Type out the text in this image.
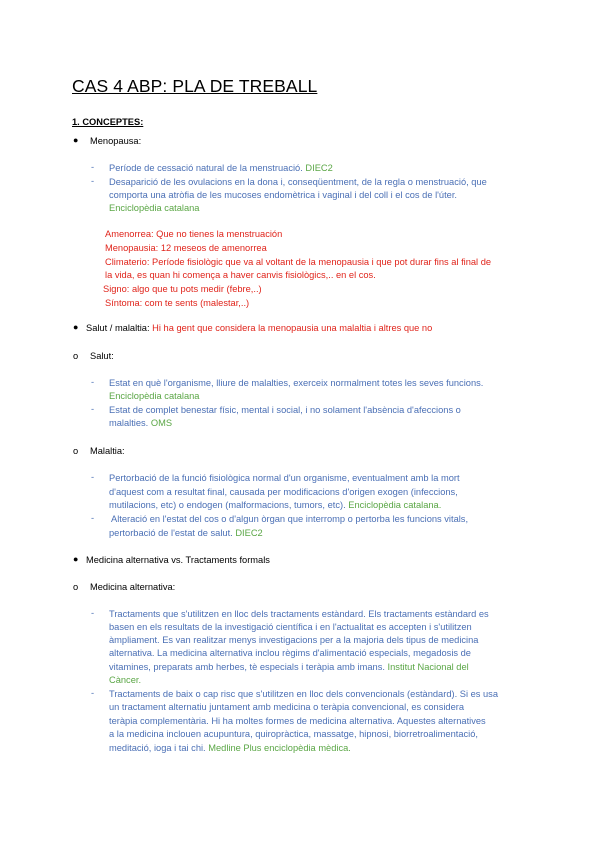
CAS 4 ABP: PLA DE TREBALL
1. CONCEPTES:
● Menopausa:
- Període de cessació natural de la menstruació. DIEC2
- Desaparició de les ovulacions en la dona i, conseqüentment, de la regla o menstruació, que
comporta una atròfia de les mucoses endomètrica i vaginal i del coll i el cos de l'úter.
Enciclopèdia catalana
Amenorrea: Que no tienes la menstruación
Menopausia: 12 meseos de amenorrea
Climaterio: Període fisiològic que va al voltant de la menopausia i que pot durar fins al final de
la vida, es quan hi comença a haver canvis fisiològics,.. en el cos.
Signo: algo que tu pots medir (febre,..)
Síntoma: com te sents (malestar,..)
● Salut / malaltia: Hi ha gent que considera la menopausia una malaltia i altres que no
o Salut:
- Estat en què l'organisme, lliure de malalties, exerceix normalment totes les seves funcions.
Enciclopèdia catalana
- Estat de complet benestar físic, mental i social, i no solament l'absència d'afeccions o
malalties. OMS
o Malaltia:
- Pertorbació de la funció fisiològica normal d'un organisme, eventualment amb la mort
d'aquest com a resultat final, causada per modificacions d'origen exogen (infeccions,
mutilacions, etc) o endogen (malformacions, tumors, etc). Enciclopèdia catalana.
- Alteració en l'estat del cos o d'algun òrgan que interromp o pertorba les funcions vitals,
pertorbació de l'estat de salut. DIEC2
● Medicina alternativa vs. Tractaments formals
o Medicina alternativa:
- Tractaments que s'utilitzen en lloc dels tractaments estàndard. Els tractaments estàndard es
basen en els resultats de la investigació científica i en l'actualitat es accepten i s'utilitzen
àmpliament. Es van realitzar menys investigacions per a la majoria dels tipus de medicina
alternativa. La medicina alternativa inclou règims d'alimentació especials, megadosis de
vitamines, preparats amb herbes, tè especials i teràpia amb imans. Institut Nacional del
Càncer.
- Tractaments de baix o cap risc que s'utilitzen en lloc dels convencionals (estàndard). Si es usa
un tractament alternatiu juntament amb medicina o teràpia convencional, es considera
teràpia complementària. Hi ha moltes formes de medicina alternativa. Aquestes alternatives
a la medicina inclouen acupuntura, quiropràctica, massatge, hipnosi, biorretroalimentació,
meditació, ioga i tai chi. Medline Plus enciclopèdia mèdica.
